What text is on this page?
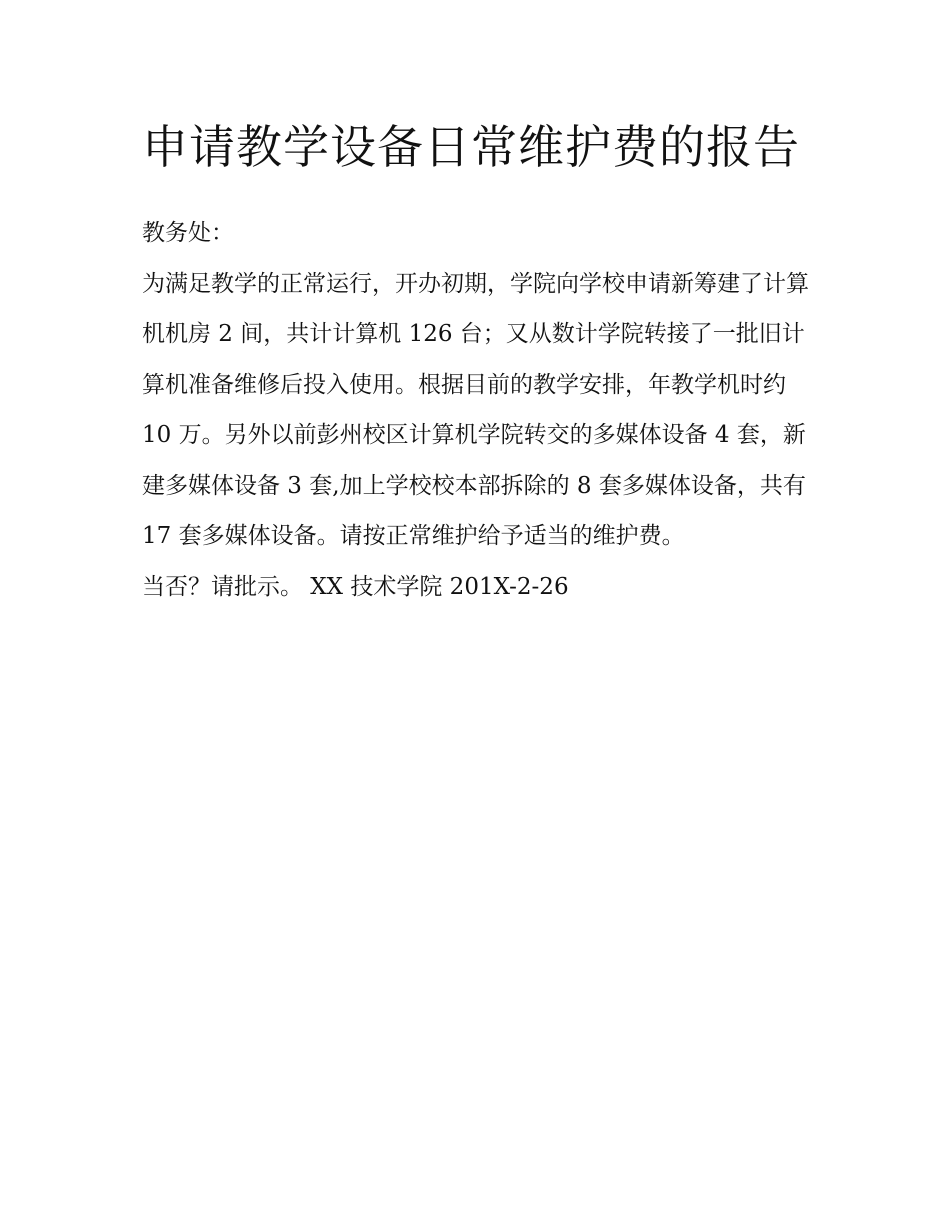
申请教学设备日常维护费的报告

教务处：

为满足教学的正常运行，开办初期，学院向学校申请新筹建了计算机机房 2 间，共计计算机 126 台；又从数计学院转接了一批旧计算机准备维修后投入使用。根据目前的教学安排，年教学机时约 10 万。另外以前彭州校区计算机学院转交的多媒体设备 4 套，新建多媒体设备 3 套,加上学校校本部拆除的 8 套多媒体设备，共有 17 套多媒体设备。请按正常维护给予适当的维护费。

当否？请批示。 XX 技术学院 201X-2-26
